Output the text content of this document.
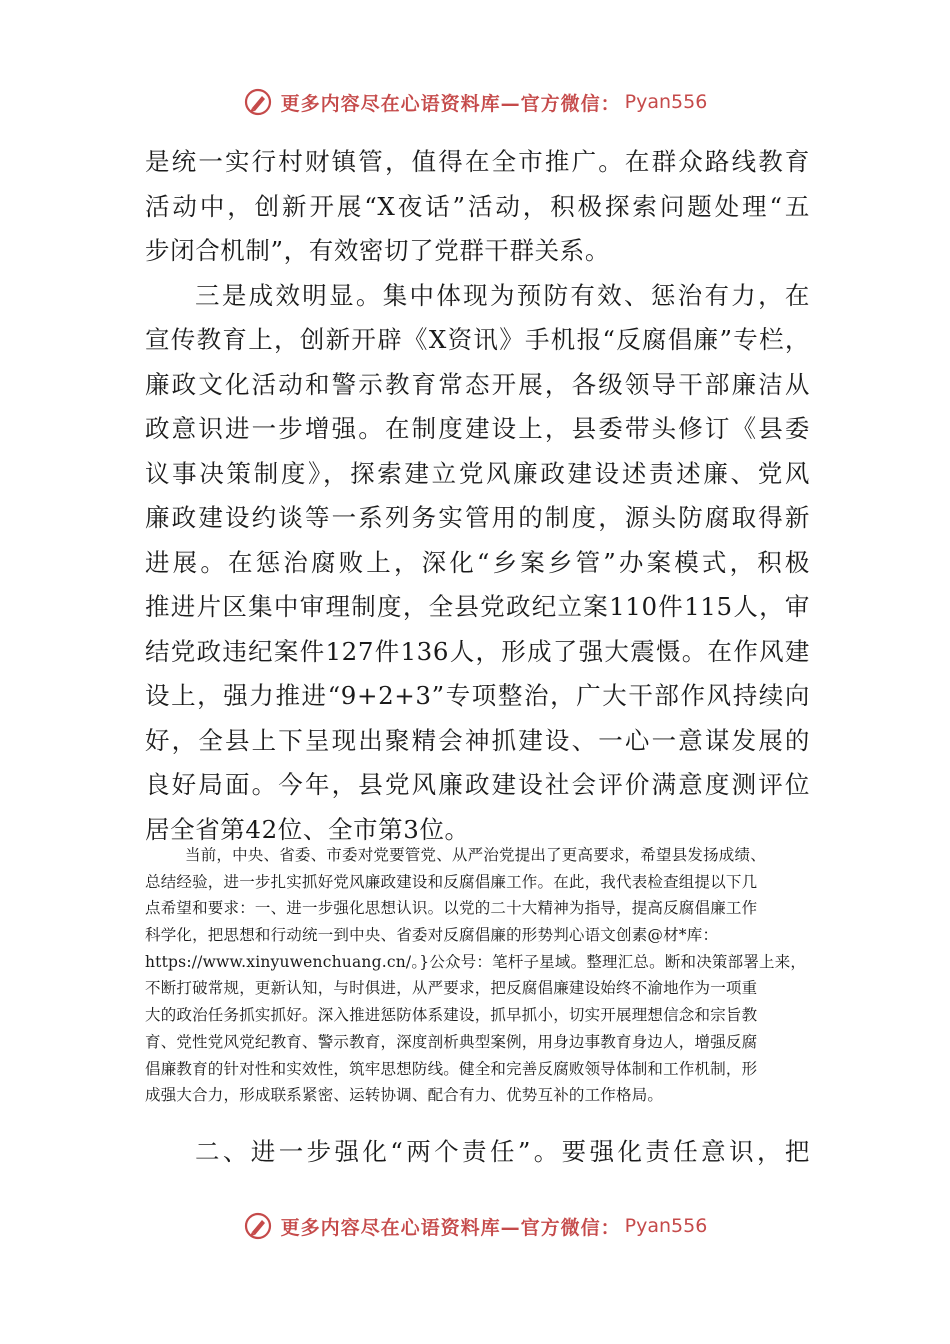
更多内容尽在心语资料库—官方微信： Pyan556
是统一实行村财镇管，值得在全市推广。在群众路线教育
活动中，创新开展“X夜话”活动，积极探索问题处理“五
步闭合机制”，有效密切了党群干群关系。
三是成效明显。集中体现为预防有效、惩治有力，在
宣传教育上，创新开辟《X资讯》手机报“反腐倡廉”专栏，
廉政文化活动和警示教育常态开展，各级领导干部廉洁从
政意识进一步增强。在制度建设上，县委带头修订《县委
议事决策制度》，探索建立党风廉政建设述责述廉、党风
廉政建设约谈等一系列务实管用的制度，源头防腐取得新
进展。在惩治腐败上，深化“乡案乡管”办案模式，积极
推进片区集中审理制度，全县党政纪立案110件115人，审
结党政违纪案件127件136人，形成了强大震慑。在作风建
设上，强力推进“9+2+3”专项整治，广大干部作风持续向
好，全县上下呈现出聚精会神抓建设、一心一意谋发展的
良好局面。今年，县党风廉政建设社会评价满意度测评位
居全省第42位、全市第3位。
当前，中央、省委、市委对党要管党、从严治党提出了更高要求，希望县发扬成绩、
总结经验，进一步扎实抓好党风廉政建设和反腐倡廉工作。在此，我代表检查组提以下几
点希望和要求：一、进一步强化思想认识。以党的二十大精神为指导，提高反腐倡廉工作
科学化，把思想和行动统一到中央、省委对反腐倡廉的形势判心语文创素@材*库：
https://www.xinyuwenchuang.cn/。}公众号：笔杆子星域。整理汇总。断和决策部署上来，
不断打破常规，更新认知，与时俱进，从严要求，把反腐倡廉建设始终不渝地作为一项重
大的政治任务抓实抓好。深入推进惩防体系建设，抓早抓小，切实开展理想信念和宗旨教
育、党性党风党纪教育、警示教育，深度剖析典型案例，用身边事教育身边人，增强反腐
倡廉教育的针对性和实效性，筑牢思想防线。健全和完善反腐败领导体制和工作机制，形
成强大合力，形成联系紧密、运转协调、配合有力、优势互补的工作格局。
二、进一步强化“两个责任”。要强化责任意识，把
更多内容尽在心语资料库—官方微信： Pyan556
